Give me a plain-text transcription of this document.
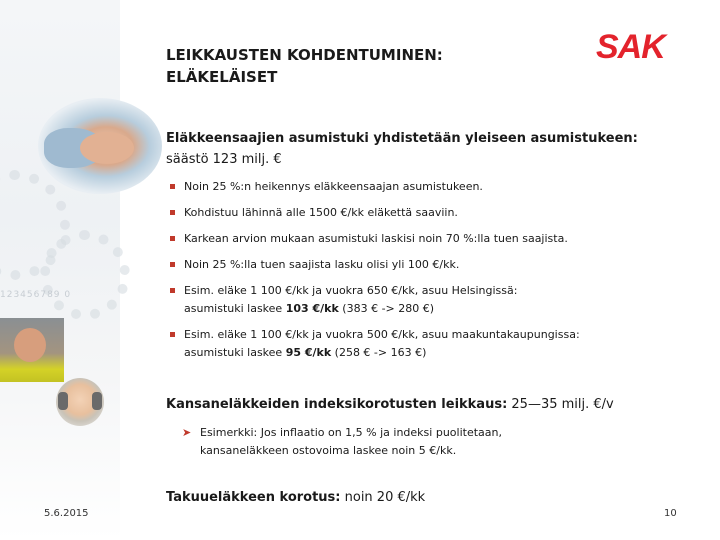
123456789 0
LEIKKAUSTEN KOHDENTUMINEN:
ELÄKELÄISET
SAK
Eläkkeensaajien asumistuki yhdistetään yleiseen asumistukeen:
säästö 123 milj. €
Noin 25 %:n heikennys eläkkeensaajan asumistukeen.
Kohdistuu lähinnä alle 1500 €/kk eläkettä saaviin.
Karkean arvion mukaan asumistuki laskisi noin 70 %:lla tuen saajista.
Noin 25 %:lla tuen saajista lasku olisi yli 100 €/kk.
Esim. eläke 1 100 €/kk ja vuokra 650 €/kk, asuu Helsingissä:
asumistuki laskee 103 €/kk (383 € -> 280 €)
Esim. eläke 1 100 €/kk ja vuokra 500 €/kk, asuu maakuntakaupungissa:
asumistuki laskee 95 €/kk (258 € -> 163 €)
Kansaneläkkeiden indeksikorotusten leikkaus: 25—35 milj. €/v
➤ Esimerkki: Jos inflaatio on 1,5 % ja indeksi puolitetaan,
kansaneläkkeen ostovoima laskee noin 5 €/kk.
Takuueläkkeen korotus: noin 20 €/kk
5.6.2015	10
